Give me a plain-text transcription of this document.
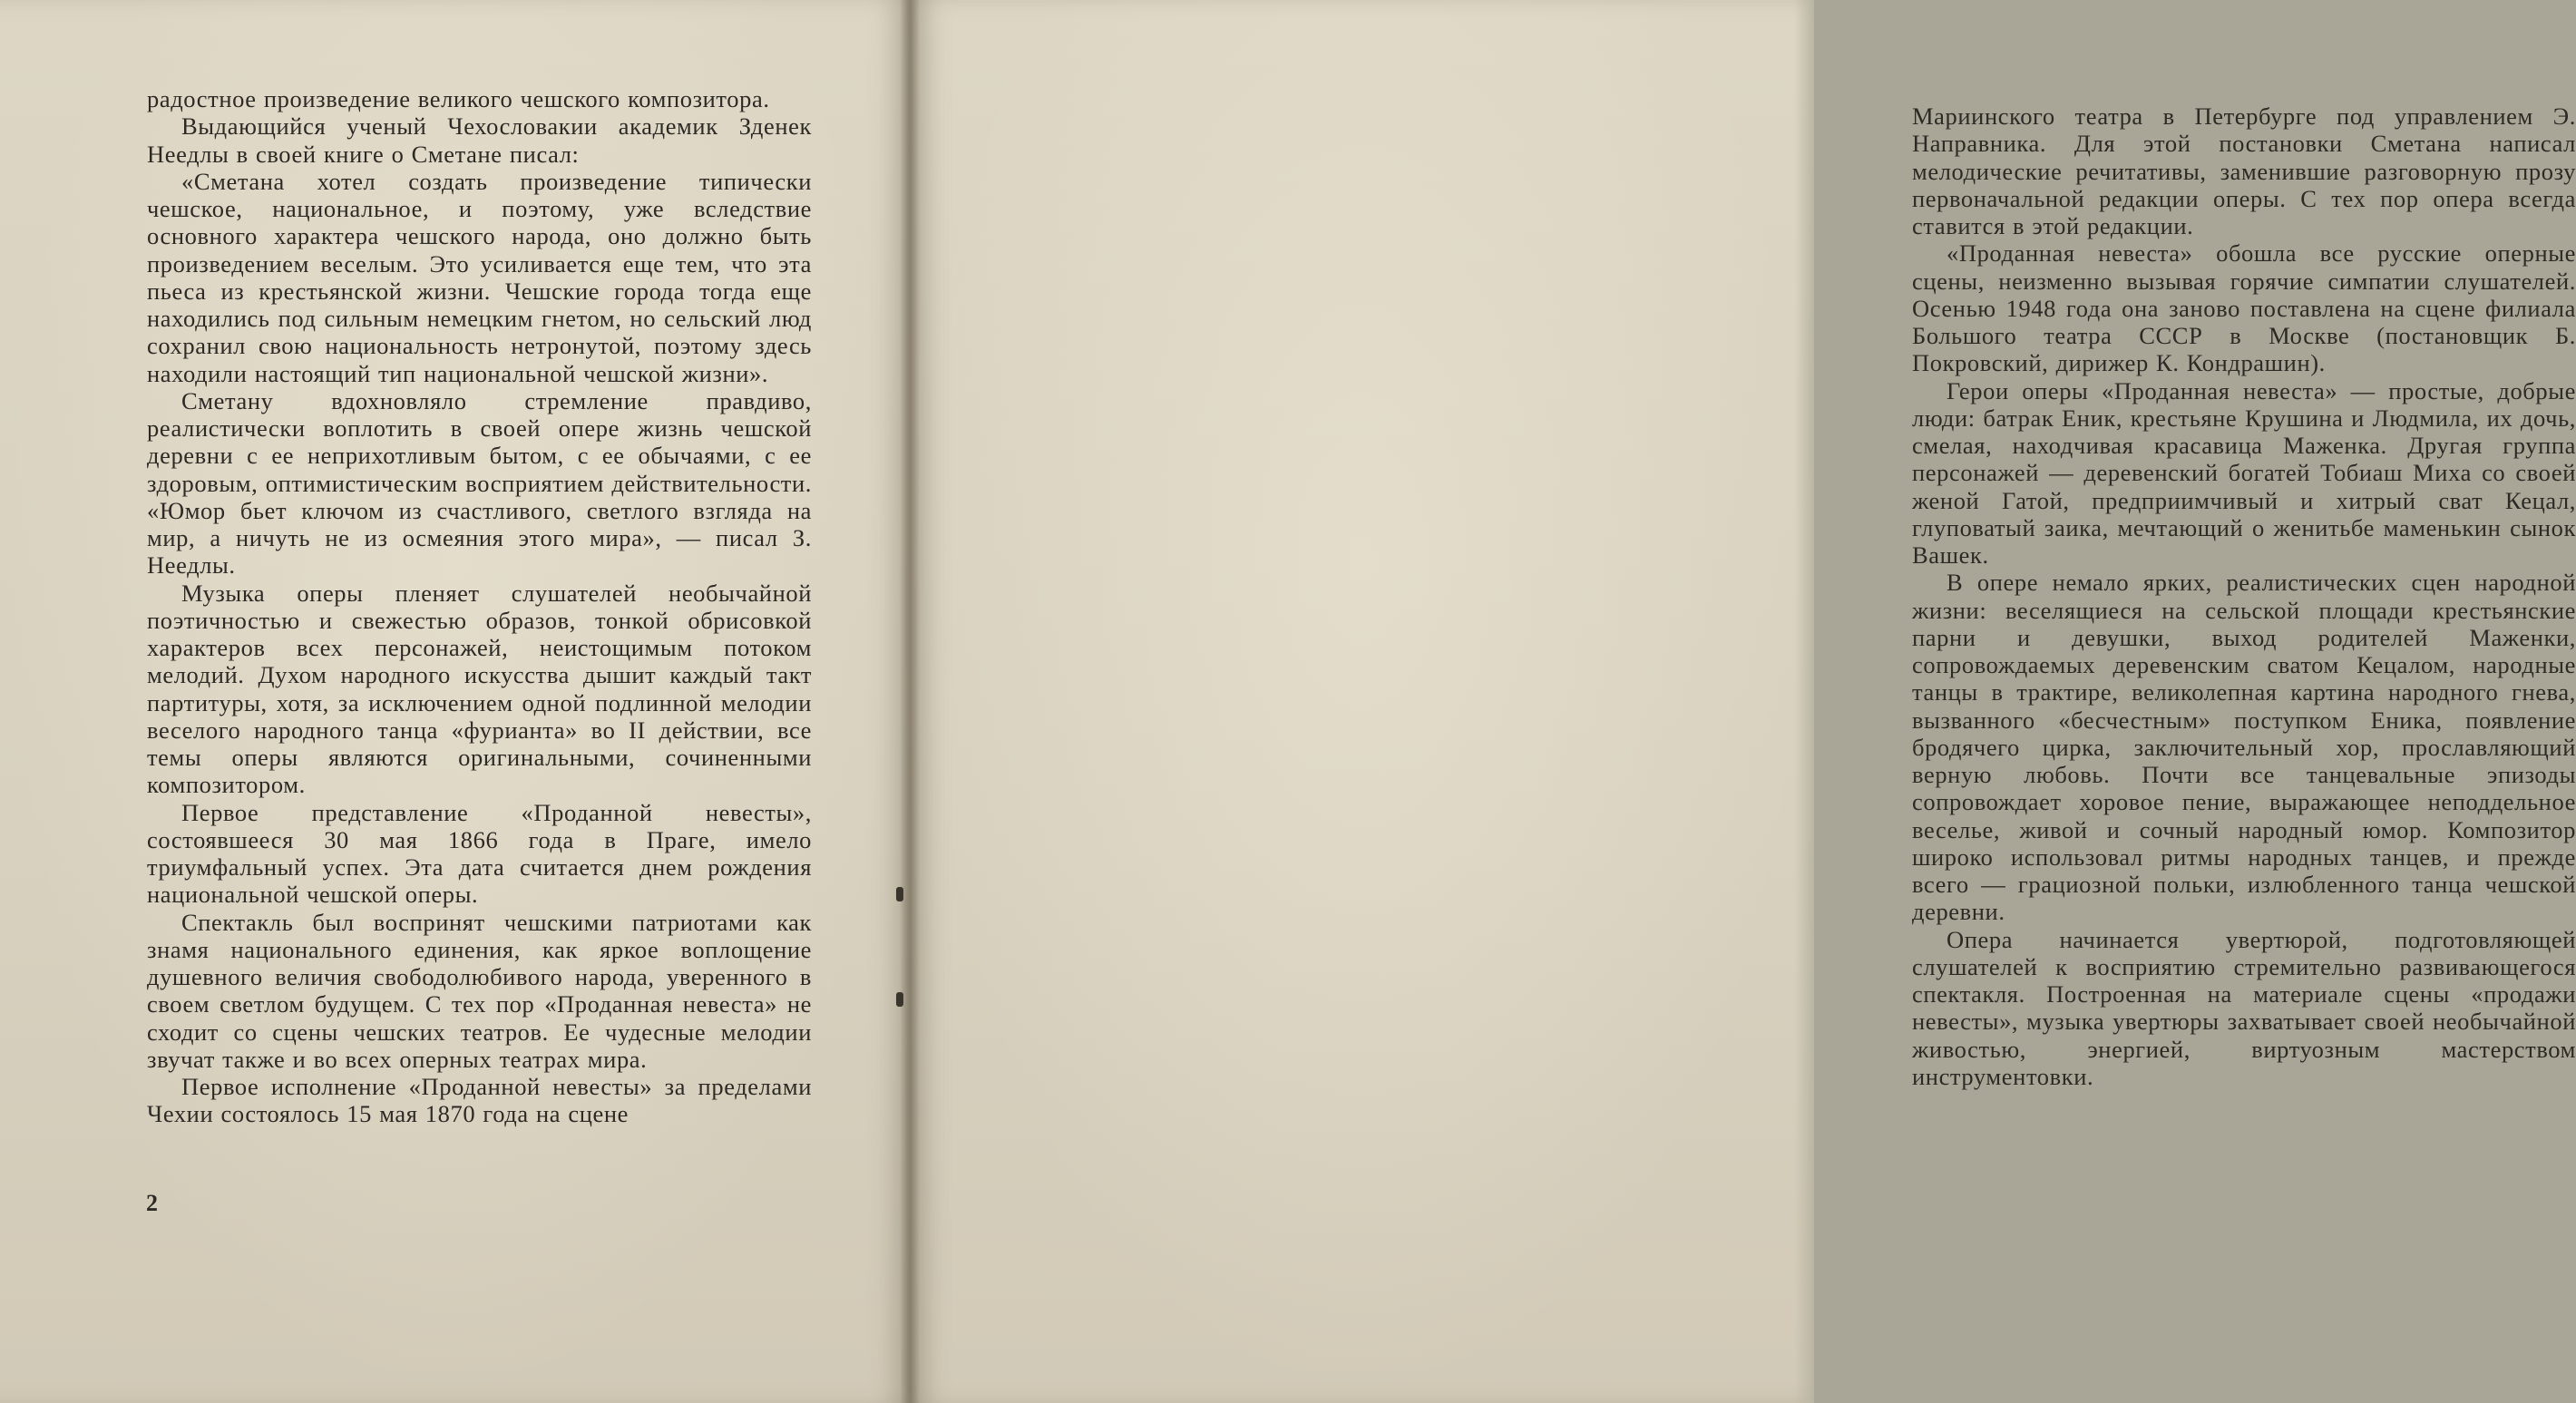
радостное произведение великого чешского композитора.

Выдающийся ученый Чехословакии академик Зденек Неедлы в своей книге о Сметане писал:

«Сметана хотел создать произведение типически чешское, национальное, и поэтому, уже вследствие основного характера чешского народа, оно должно быть произведением веселым. Это усиливается еще тем, что эта пьеса из крестьянской жизни. Чешские города тогда еще находились под сильным немецким гнетом, но сельский люд сохранил свою национальность нетронутой, поэтому здесь находили настоящий тип национальной чешской жизни».

Сметану вдохновляло стремление правдиво, реалистически воплотить в своей опере жизнь чешской деревни с ее неприхотливым бытом, с ее обычаями, с ее здоровым, оптимистическим восприятием действительности. «Юмор бьет ключом из счастливого, светлого взгляда на мир, а ничуть не из осмеяния этого мира», — писал З. Неедлы.

Музыка оперы пленяет слушателей необычайной поэтичностью и свежестью образов, тонкой обрисовкой характеров всех персонажей, неистощимым потоком мелодий. Духом народного искусства дышит каждый такт партитуры, хотя, за исключением одной подлинной мелодии веселого народного танца «фурианта» во II действии, все темы оперы являются оригинальными, сочиненными композитором.

Первое представление «Проданной невесты», состоявшееся 30 мая 1866 года в Праге, имело триумфальный успех. Эта дата считается днем рождения национальной чешской оперы.

Спектакль был воспринят чешскими патриотами как знамя национального единения, как яркое воплощение душевного величия свободолюбивого народа, уверенного в своем светлом будущем. С тех пор «Проданная невеста» не сходит со сцены чешских театров. Ее чудесные мелодии звучат также и во всех оперных театрах мира.

Первое исполнение «Проданной невесты» за пределами Чехии состоялось 15 мая 1870 года на сцене

2

Мариинского театра в Петербурге под управлением Э. Направника. Для этой постановки Сметана написал мелодические речитативы, заменившие разговорную прозу первоначальной редакции оперы. С тех пор опера всегда ставится в этой редакции.

«Проданная невеста» обошла все русские оперные сцены, неизменно вызывая горячие симпатии слушателей. Осенью 1948 года она заново поставлена на сцене филиала Большого театра СССР в Москве (постановщик Б. Покровский, дирижер К. Кондрашин).

Герои оперы «Проданная невеста» — простые, добрые люди: батрак Еник, крестьяне Крушина и Людмила, их дочь, смелая, находчивая красавица Маженка. Другая группа персонажей — деревенский богатей Тобиаш Миха со своей женой Гатой, предприимчивый и хитрый сват Кецал, глуповатый заика, мечтающий о женитьбе маменькин сынок Вашек.

В опере немало ярких, реалистических сцен народной жизни: веселящиеся на сельской площади крестьянские парни и девушки, выход родителей Маженки, сопровождаемых деревенским сватом Кецалом, народные танцы в трактире, великолепная картина народного гнева, вызванного «бесчестным» поступком Еника, появление бродячего цирка, заключительный хор, прославляющий верную любовь. Почти все танцевальные эпизоды сопровождает хоровое пение, выражающее неподдельное веселье, живой и сочный народный юмор. Композитор широко использовал ритмы народных танцев, и прежде всего — грациозной польки, излюбленного танца чешской деревни.

Опера начинается увертюрой, подготовляющей слушателей к восприятию стремительно развивающегося спектакля. Построенная на материале сцены «продажи невесты», музыка увертюры захватывает своей необычайной живостью, энергией, виртуозным мастерством инструментовки.
